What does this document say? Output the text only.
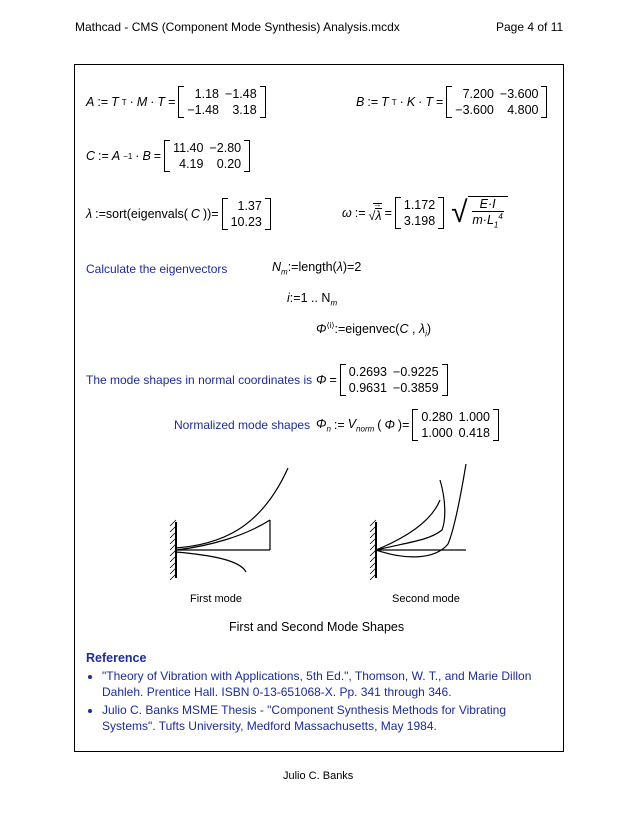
Mathcad - CMS (Component Mode Synthesis) Analysis.mcdx	Page 4 of 11
A := T T · M · T =
1.18	−1.48
−1.48	3.18
B := T T · K · T =
7.200	−3.600
−3.600	4.800
C := A −1 · B =
11.40	−2.80
4.19	0.20
λ :=sort(eigenvals( C ))=
1.37
10.23
ω :=
→
√λ =
1.172
3.198 √ E·I
$m\cdot L_1^4$
Calculate the eigenvectors	$N_m:=length(\lambda)=2$
i:=1 .. $N_m$
$\Phi^{⟨i⟩}:=eigenvec(C$ , $\lambda_i$)
The mode shapes in normal coordinates is Φ =
0.2693	−0.9225
0.9631	−0.3859
Normalized mode shapes $\Phi_n$ := $V_{norm}$ ( Φ )=
0.280	1.000
1.000	0.418
First mode	Second mode
First and Second Mode Shapes
Reference
• "Theory of Vibration with Applications, 5th Ed.", Thomson, W. T., and Marie Dillon Dahleh. Prentice Hall. ISBN 0-13-651068-X. Pp. 341 through 346.
• Julio C. Banks MSME Thesis - "Component Synthesis Methods for Vibrating Systems". Tufts University, Medford Massachusetts, May 1984.
Julio C. Banks
